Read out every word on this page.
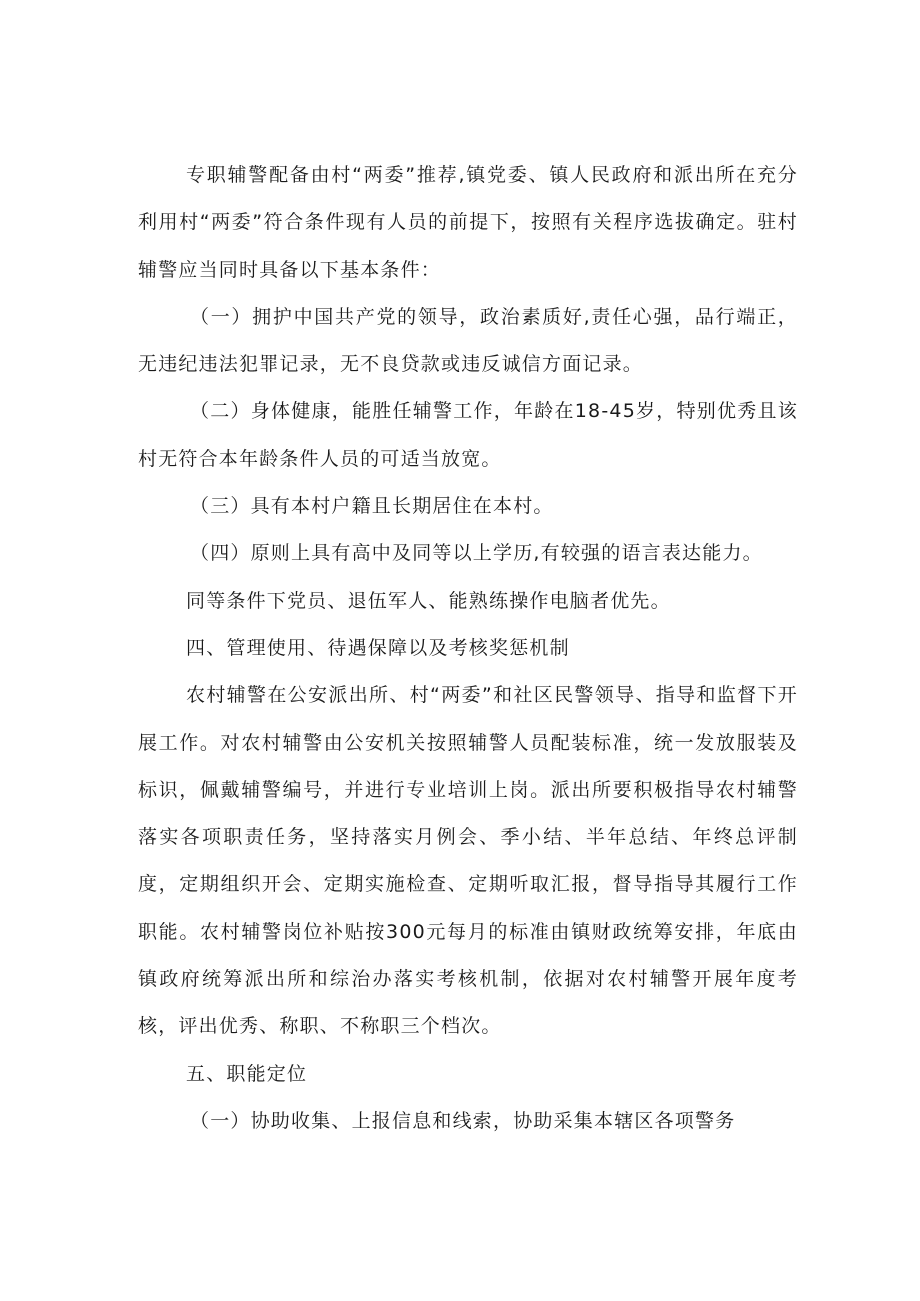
专职辅警配备由村“两委”推荐,镇党委、镇人民政府和派出所在充分利用村“两委”符合条件现有人员的前提下，按照有关程序选拔确定。驻村辅警应当同时具备以下基本条件：

（一）拥护中国共产党的领导，政治素质好,责任心强，品行端正，无违纪违法犯罪记录，无不良贷款或违反诚信方面记录。

（二）身体健康，能胜任辅警工作，年龄在18-45岁，特别优秀且该村无符合本年龄条件人员的可适当放宽。

（三）具有本村户籍且长期居住在本村。

（四）原则上具有高中及同等以上学历,有较强的语言表达能力。

同等条件下党员、退伍军人、能熟练操作电脑者优先。

四、管理使用、待遇保障以及考核奖惩机制

农村辅警在公安派出所、村“两委”和社区民警领导、指导和监督下开展工作。对农村辅警由公安机关按照辅警人员配装标准，统一发放服装及标识，佩戴辅警编号，并进行专业培训上岗。派出所要积极指导农村辅警落实各项职责任务，坚持落实月例会、季小结、半年总结、年终总评制度，定期组织开会、定期实施检查、定期听取汇报，督导指导其履行工作职能。农村辅警岗位补贴按300元每月的标准由镇财政统筹安排，年底由镇政府统筹派出所和综治办落实考核机制，依据对农村辅警开展年度考核，评出优秀、称职、不称职三个档次。

五、职能定位

（一）协助收集、上报信息和线索，协助采集本辖区各项警务
